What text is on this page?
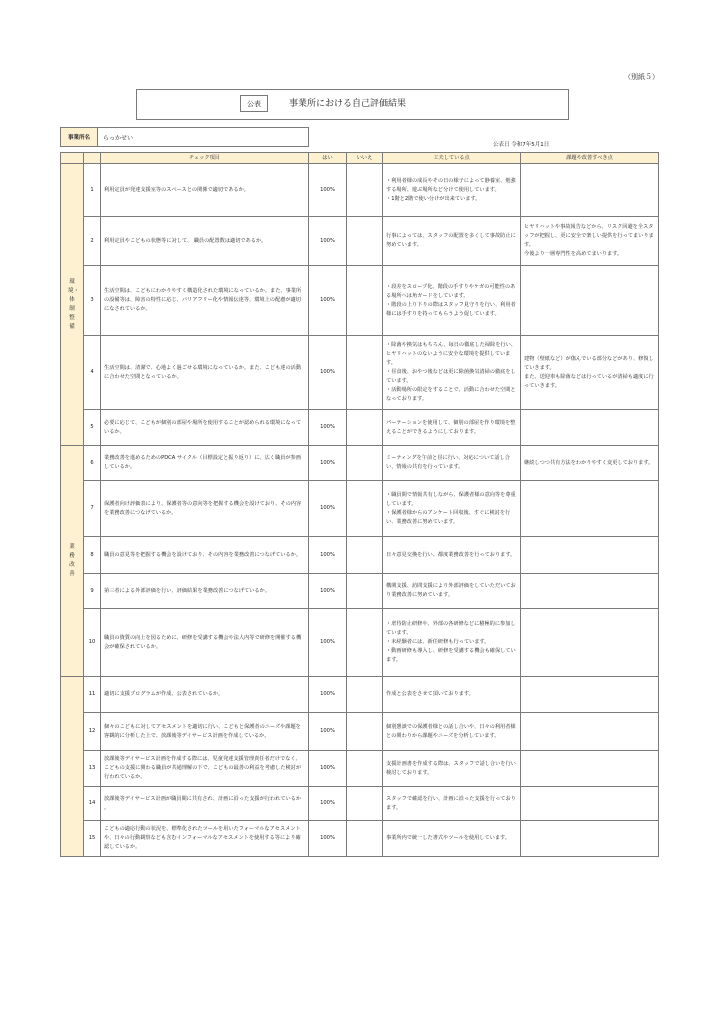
（別紙５）
公表	事業所における自己評価結果
事業所名	らっかせい
公表日 令和7年5月1日
		チェック項目	はい	いいえ	工夫している点	課題や改善すべき点

環境・体制整備	1	利用定員が発達支援室等のスペースとの関係で適切であるか。	100%		・利用者様の成長やその日の様子によって静養室、勉強する場所、遊ぶ場所など分けて使用しています。
・1階と2階で使い分けが出来ています。	
	2	利用定員やこどもの状態等に対して、 職員の配置数は適切であるか。	100%		行事によっては、スタッフの配置を多くして事故防止に努めています。	ヒヤリハットや事故報告などから、リスク回避を全スタッフが把握し、更に安全で楽しい提供を行ってまいります。
今後より一層専門性を高めてまいります。
	3	生活空間は、こどもにわかりやすく構造化された環境になっているか。また、事業所の設備等は、障害の特性に応じ、バリアフリー化や情報伝達等、環境上の配慮が適切になされているか。	100%		・段差をスロープ化、階段の手すりやケガの可能性のある場所へは角ガードをしています。
・階段の上り下りの際はスタッフ見守りを行い、利用者様には手すりを持ってもらうよう促しています。	
	4	生活空間は、清潔で、心地よく過ごせる環境になっているか。また、こども達の活動に合わせた空間となっているか。	100%		・除菌や換気はもちろん、毎日の徹底した掃除を行い、ヒヤリハットのないように安全な環境を提供しています。
・昼食後、おやつ後などは更に除菌換気清掃の徹底をしています。
・活動場所の限定をすることで、活動に合わせた空間となっております。	建物（壁紙など）が傷んでいる部分などがあり、修復していきます。
また、送迎車も除菌などは行っているが清掃も適度に行っていきます。
	5	必要に応じて、こどもが個別の部屋や場所を使用することが認められる環境になっているか。	100%		パーテーションを使用して、個別の部屋を作り環境を整えることができるようにしております。	

業務改善	6	業務改善を進めるためのPDCA サイクル（目標設定と振り返り）に、広く職員が参画しているか。	100%		ミーティングを午前と昼に行い、対応について話し合い、情報の共有を行っています。	継続しつつ共有方法をわかりやすく変更しております。
	7	保護者向け評価表により、保護者等の意向等を把握する機会を設けており、その内容を業務改善につなげているか。	100%		・職員間で情報共有しながら、保護者様の意向等を尊重しています。
・保護者様からのアンケート回収後、すぐに検討を行い、業務改善に努めています。	
	8	職員の意見等を把握する機会を設けており、その内容を業務改善につなげているか。	100%		日々意見交換を行い、都度業務改善を行っております。	
	9	第三者による外部評価を行い、評価結果を業務改善につなげているか。	100%		構関支援、訪問支援により外部評価をしていただいており業務改善に努めています。	
	10	職員の資質の向上を図るために、研修を受講する機会や法人内等で研修を開催する機会が確保されているか。	100%		・虐待防止研修や、外部の各研修などに積極的に参加しています。
・未経験者には、新任研修も行っています。
・動画研修も導入し、研修を受講する機会も確保しています。	

	11	適切に支援プログラムが作成、公表されているか。	100%		作成と公表をさせて頂いております。	
	12	個々のこどもに対してアセスメントを適切に行い、こどもと保護者のニーズや課題を客観的に分析した上で、放課後等デイサービス計画を作成しているか。	100%		個別懇談での保護者様との話し合いや、日々の利用者様との関わりから課題やニーズを分析しています。	
	13	放課後等デイサービス計画を作成する際には、児童発達支援管理責任者だけでなく、こどもの支援に関わる職員が共通理解の下で、こどもの最善の利益を考慮した検討が行われているか。	100%		支援計画書を作成する際は、スタッフで話し合いを行い検討しております。	
	14	放課後等デイサービス計画が職員間に共有され、計画に沿った支援が行われているか 。	100%		スタッフで確認を行い、計画に沿った支援を行っております。	
	15	こどもの適応行動の状況を、標準化されたツールを用いたフォーマルなアセスメントや、日々の行動観察なども含むインフォーマルなアセスメントを使用する等により確認しているか。	100%		事業所内で統一した書式やツールを使用しています。	
